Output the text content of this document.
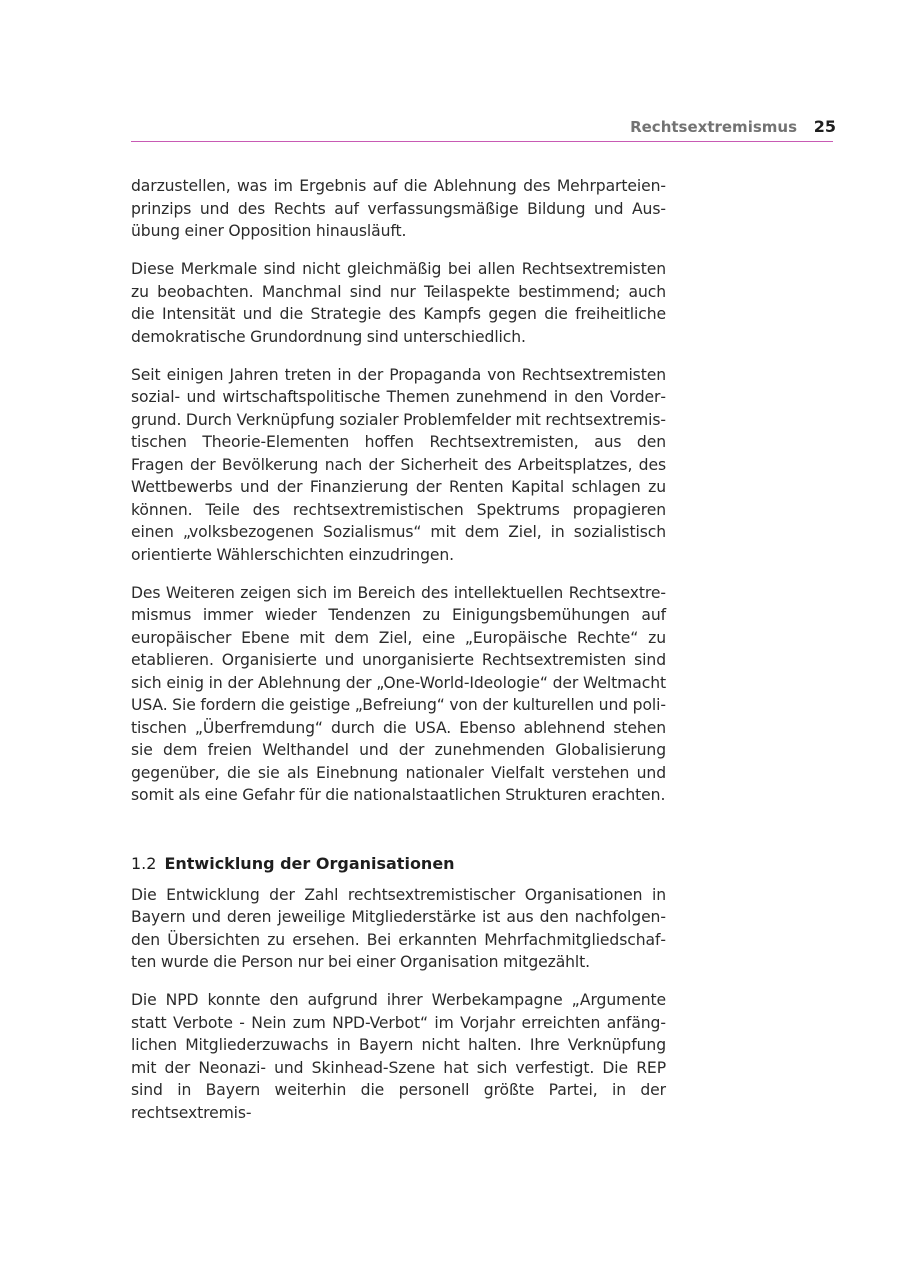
Rechtsextremismus	25

darzustellen, was im Ergebnis auf die Ablehnung des Mehrparteienprinzips und des Rechts auf verfassungsmäßige Bildung und Ausübung einer Opposition hinausläuft.

Diese Merkmale sind nicht gleichmäßig bei allen Rechtsextremisten zu beobachten. Manchmal sind nur Teilaspekte bestimmend; auch die Intensität und die Strategie des Kampfs gegen die freiheitliche demokratische Grundordnung sind unterschiedlich.

Seit einigen Jahren treten in der Propaganda von Rechtsextremisten sozial- und wirtschaftspolitische Themen zunehmend in den Vordergrund. Durch Verknüpfung sozialer Problemfelder mit rechtsextremistischen Theorie-Elementen hoffen Rechtsextremisten, aus den Fragen der Bevölkerung nach der Sicherheit des Arbeitsplatzes, des Wettbewerbs und der Finanzierung der Renten Kapital schlagen zu können. Teile des rechtsextremistischen Spektrums propagieren einen „volksbezogenen Sozialismus“ mit dem Ziel, in sozialistisch orientierte Wählerschichten einzudringen.

Des Weiteren zeigen sich im Bereich des intellektuellen Rechtsextremismus immer wieder Tendenzen zu Einigungsbemühungen auf europäischer Ebene mit dem Ziel, eine „Europäische Rechte“ zu etablieren. Organisierte und unorganisierte Rechtsextremisten sind sich einig in der Ablehnung der „One-World-Ideologie“ der Weltmacht USA. Sie fordern die geistige „Befreiung“ von der kulturellen und politischen „Überfremdung“ durch die USA. Ebenso ablehnend stehen sie dem freien Welthandel und der zunehmenden Globalisierung gegenüber, die sie als Einebnung nationaler Vielfalt verstehen und somit als eine Gefahr für die nationalstaatlichen Strukturen erachten.

1.2 Entwicklung der Organisationen

Die Entwicklung der Zahl rechtsextremistischer Organisationen in Bayern und deren jeweilige Mitgliederstärke ist aus den nachfolgenden Übersichten zu ersehen. Bei erkannten Mehrfachmitgliedschaften wurde die Person nur bei einer Organisation mitgezählt.

Die NPD konnte den aufgrund ihrer Werbekampagne „Argumente statt Verbote - Nein zum NPD-Verbot“ im Vorjahr erreichten anfänglichen Mitgliederzuwachs in Bayern nicht halten. Ihre Verknüpfung mit der Neonazi- und Skinhead-Szene hat sich verfestigt. Die REP sind in Bayern weiterhin die personell größte Partei, in der rechtsextremis-
